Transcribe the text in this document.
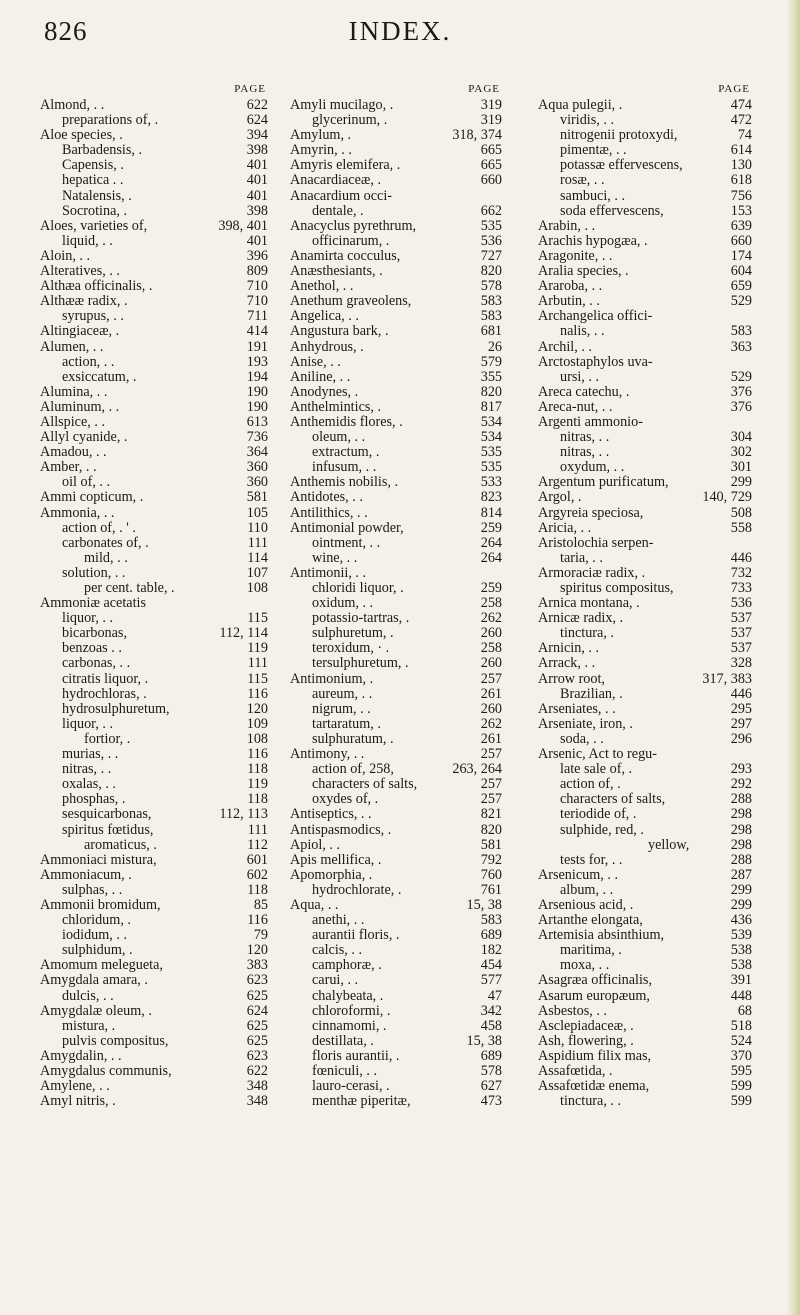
826	INDEX.
PAGE
Almond, . .	622
preparations of, .	624
Aloe species, .	394
Barbadensis, .	398
Capensis, .	401
hepatica . .	401
Natalensis, .	401
Socrotina, .	398
Aloes, varieties of,	398, 401
liquid, . .	401
Aloin, . .	396
Alteratives, . .	809
Althæa officinalis, .	710
Althææ radix, .	710
syrupus, . .	711
Altingiaceæ, .	414
Alumen, . .	191
action, . .	193
exsiccatum, .	194
Alumina, . .	190
Aluminum, . .	190
Allspice, . .	613
Allyl cyanide, .	736
Amadou, . .	364
Amber, . .	360
oil of, . .	360
Ammi copticum, .	581
Ammonia, . .	105
action of, . ' .	110
carbonates of, .	111
mild, . .	114
solution, . .	107
per cent. table, .	108
Ammoniæ acetatis
liquor, . .	115
bicarbonas,	112, 114
benzoas . .	119
carbonas, . .	111
citratis liquor, .	115
hydrochloras, .	116
hydrosulphuretum,	120
liquor, . .	109
fortior, .	108
murias, . .	116
nitras, . .	118
oxalas, . .	119
phosphas, .	118
sesquicarbonas,	112, 113
spiritus fœtidus,	111
aromaticus, .	112
Ammoniaci mistura,	601
Ammoniacum, .	602
sulphas, . .	118
Ammonii bromidum,	85
chloridum, .	116
iodidum, . .	79
sulphidum, .	120
Amomum melegueta,	383
Amygdala amara, .	623
dulcis, . .	625
Amygdalæ oleum, .	624
mistura, .	625
pulvis compositus,	625
Amygdalin, . .	623
Amygdalus communis,	622
Amylene, . .	348
Amyl nitris, .	348
PAGE
Amyli mucilago, .	319
glycerinum, .	319
Amylum, .	318, 374
Amyrin, . .	665
Amyris elemifera, .	665
Anacardiaceæ, .	660
Anacardium occi-
dentale, .	662
Anacyclus pyrethrum,	535
officinarum, .	536
Anamirta cocculus,	727
Anæsthesiants, .	820
Anethol, . .	578
Anethum graveolens,	583
Angelica, . .	583
Angustura bark, .	681
Anhydrous, .	26
Anise, . .	579
Aniline, . .	355
Anodynes, .	820
Anthelmintics, .	817
Anthemidis flores, .	534
oleum, . .	534
extractum, .	535
infusum, . .	535
Anthemis nobilis, .	533
Antidotes, . .	823
Antilithics, . .	814
Antimonial powder,	259
ointment, . .	264
wine, . .	264
Antimonii, . .
chloridi liquor, .	259
oxidum, . .	258
potassio-tartras, .	262
sulphuretum, .	260
teroxidum, · .	258
tersulphuretum, .	260
Antimonium, .	257
aureum, . .	261
nigrum, . .	260
tartaratum, .	262
sulphuratum, .	261
Antimony, . .	257
action of, 258,	263, 264
characters of salts,	257
oxydes of, .	257
Antiseptics, . .	821
Antispasmodics, .	820
Apiol, . .	581
Apis mellifica, .	792
Apomorphia, .	760
hydrochlorate, .	761
Aqua, . .	15, 38
anethi, . .	583
aurantii floris, .	689
calcis, . .	182
camphoræ, .	454
carui, . .	577
chalybeata, .	47
chloroformi, .	342
cinnamomi, .	458
destillata, .	15, 38
floris aurantii, .	689
fœniculi, . .	578
lauro-cerasi, .	627
menthæ piperitæ,	473
PAGE
Aqua pulegii, .	474
viridis, . .	472
nitrogenii protoxydi,	74
pimentæ, . .	614
potassæ effervescens,	130
rosæ, . .	618
sambuci, . .	756
soda effervescens,	153
Arabin, . .	639
Arachis hypogæa, .	660
Aragonite, . .	174
Aralia species, .	604
Araroba, . .	659
Arbutin, . .	529
Archangelica offici-
nalis, . .	583
Archil, . .	363
Arctostaphylos uva-
ursi, . .	529
Areca catechu, .	376
Areca-nut, . .	376
Argenti ammonio-
nitras, . .	304
nitras, . .	302
oxydum, . .	301
Argentum purificatum,	299
Argol, .	140, 729
Argyreia speciosa,	508
Aricia, . .	558
Aristolochia serpen-
taria, . .	446
Armoraciæ radix, .	732
spiritus compositus,	733
Arnica montana, .	536
Arnicæ radix, .	537
tinctura, .	537
Arnicin, . .	537
Arrack, . .	328
Arrow root,	317, 383
Brazilian, .	446
Arseniates, . .	295
Arseniate, iron, .	297
soda, . .	296
Arsenic, Act to regu-
late sale of, .	293
action of, .	292
characters of salts,	288
teriodide of, .	298
sulphide, red, .	298
yellow,	298
tests for, . .	288
Arsenicum, . .	287
album, . .	299
Arsenious acid, .	299
Artanthe elongata,	436
Artemisia absinthium,	539
maritima, .	538
moxa, . .	538
Asagræa officinalis,	391
Asarum europæum,	448
Asbestos, . .	68
Asclepiadaceæ, .	518
Ash, flowering, .	524
Aspidium filix mas,	370
Assafœtida, .	595
Assafœtidæ enema,	599
tinctura, . .	599
